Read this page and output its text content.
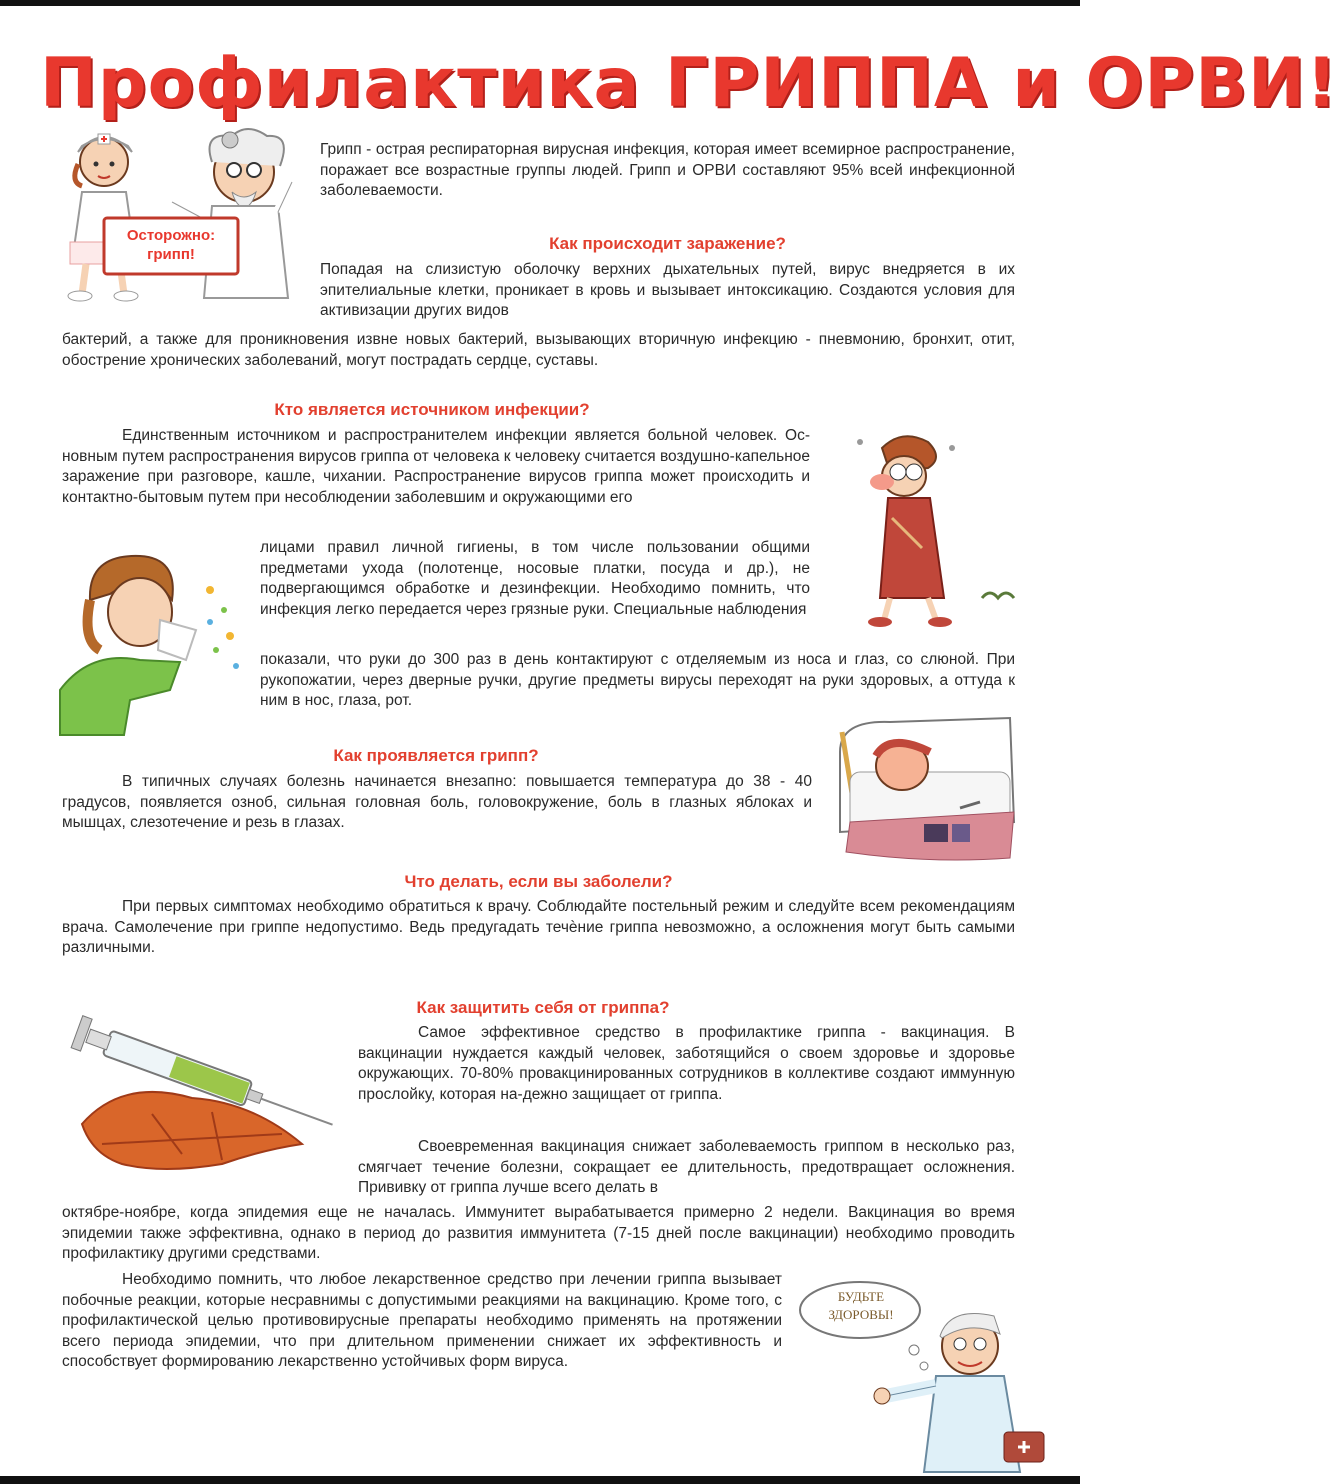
Профилактика ГРИППА и ОРВИ!
Осторожно: грипп!
Грипп - острая респираторная вирусная инфекция, которая имеет всемирное распространение, поражает все возрастные группы людей. Грипп и ОРВИ составляют 95% всей инфекционной заболеваемости.
Как происходит заражение?
Попадая на слизистую оболочку верхних дыхательных путей, вирус внедряется в их эпителиальные клетки, проникает в кровь и вызывает интоксикацию. Создаются условия для активизации других видов
бактерий, а также для проникновения извне новых бактерий, вызывающих вторичную инфекцию - пневмонию, бронхит, отит, обострение хронических заболеваний, могут пострадать сердце, суставы.
Кто является источником инфекции?
Единственным источником и распространителем инфекции является больной человек. Ос-новным путем распространения вирусов гриппа от человека к человеку считается воздушно-капельное заражение при разговоре, кашле, чихании. Распространение вирусов гриппа может происходить и контактно-бытовым путем при несоблюдении заболевшим и окружающими его
лицами правил личной гигиены, в том числе пользовании общими предметами ухода (полотенце, носовые платки, посуда и др.), не подвергающимся обработке и дезинфекции. Необходимо помнить, что инфекция легко передается через грязные руки. Специальные наблюдения
показали, что руки до 300 раз в день контактируют с отделяемым из носа и глаз, со слюной. При рукопожатии, через дверные ручки, другие предметы вирусы переходят на руки здоровых, а оттуда к ним в нос, глаза, рот.
Как проявляется грипп?
В типичных случаях болезнь начинается внезапно: повышается температура до 38 - 40 градусов, появляется озноб, сильная головная боль, головокружение, боль в глазных яблоках и мышцах, слезотечение и резь в глазах.
Что делать, если вы заболели?
При первых симптомах необходимо обратиться к врачу. Соблюдайте постельный режим и следуйте всем рекомендациям врача. Самолечение при гриппе недопустимо. Ведь предугадать течѐние гриппа невозможно, а осложнения могут быть самыми различными.
Как защитить себя от гриппа?
Самое эффективное средство в профилактике гриппа - вакцинация. В вакцинации нуждается каждый человек, заботящийся о своем здоровье и здоровье окружающих. 70-80% провакцинированных сотрудников в коллективе создают иммунную прослойку, которая на-дежно защищает от гриппа.
Своевременная вакцинация снижает заболеваемость гриппом в несколько раз, смягчает течение болезни, сокращает ее длительность, предотвращает осложнения. Прививку от гриппа лучше всего делать в
октябре-ноябре, когда эпидемия еще не началась. Иммунитет вырабатывается примерно 2 недели. Вакцинация во время эпидемии также эффективна, однако в период до развития иммунитета (7-15 дней после вакцинации) необходимо проводить профилактику другими средствами.
Необходимо помнить, что любое лекарственное средство при лечении гриппа вызывает побочные реакции, которые несравнимы с допустимыми реакциями на вакцинацию. Кроме того, с профилактической целью противовирусные препараты необходимо применять на протяжении всего периода эпидемии, что при длительном применении снижает их эффективность и способствует формированию лекарственно устойчивых форм вируса.
БУДЬТЕ ЗДОРОВЫ!
